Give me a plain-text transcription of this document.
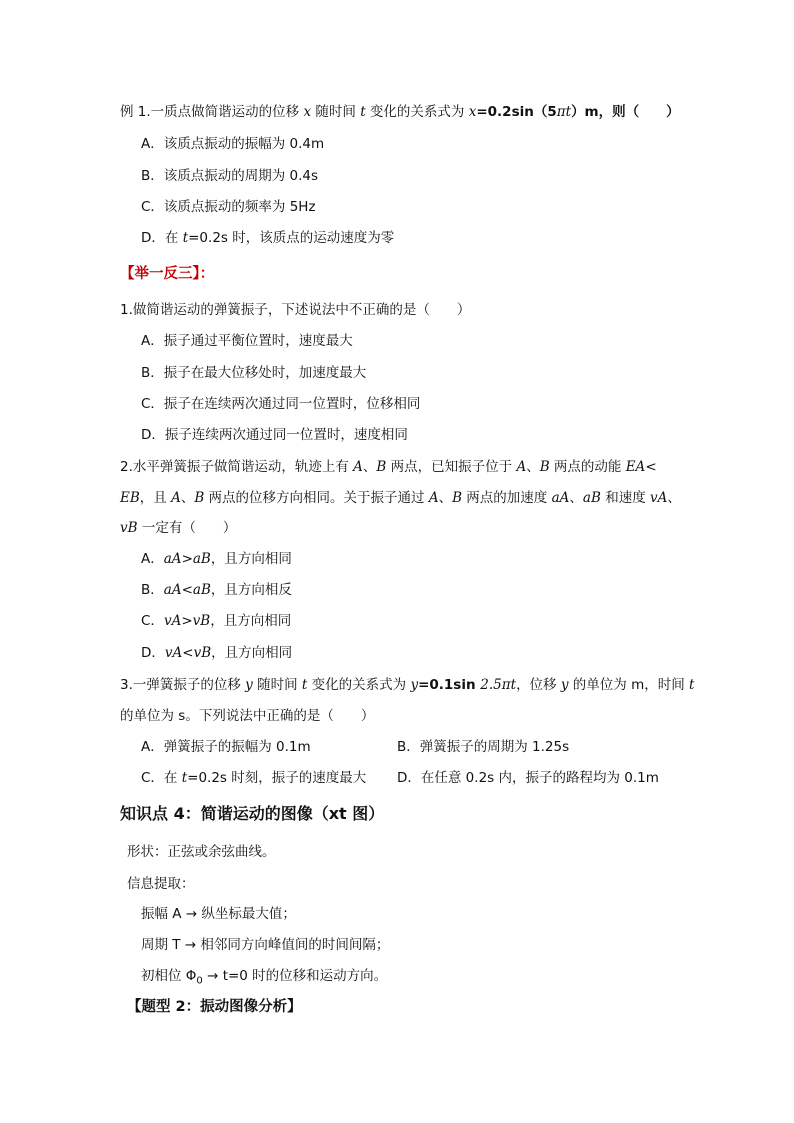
例 1.一质点做简谐运动的位移 x 随时间 t 变化的关系式为 x=0.2sin（5πt）m，则（　　）
A．该质点振动的振幅为 0.4m
B．该质点振动的周期为 0.4s
C．该质点振动的频率为 5Hz
D．在 t=0.2s 时，该质点的运动速度为零
【举一反三】：
1.做简谐运动的弹簧振子，下述说法中不正确的是（　　）
A．振子通过平衡位置时，速度最大
B．振子在最大位移处时，加速度最大
C．振子在连续两次通过同一位置时，位移相同
D．振子连续两次通过同一位置时，速度相同
2.水平弹簧振子做简谐运动，轨迹上有 A、B 两点，已知振子位于 A、B 两点的动能 EA<
EB，且 A、B 两点的位移方向相同。关于振子通过 A、B 两点的加速度 aA、aB 和速度 vA、
vB 一定有（　　）
A．aA>aB，且方向相同
B．aA<aB，且方向相反
C．vA>vB，且方向相同
D．vA<vB，且方向相同
3.一弹簧振子的位移 y 随时间 t 变化的关系式为 y=0.1sin 2.5πt，位移 y 的单位为 m，时间 t
的单位为 s。下列说法中正确的是（　　）
A．弹簧振子的振幅为 0.1m	B．弹簧振子的周期为 1.25s
C．在 t=0.2s 时刻，振子的速度最大 D．在任意 0.2s 内，振子的路程均为 0.1m
知识点 4：简谐运动的图像（xt 图）
形状：正弦或余弦曲线。
信息提取：
振幅 A → 纵坐标最大值；
周期 T → 相邻同方向峰值间的时间间隔；
初相位 $\Phi_0 \to t=0$ 时的位移和运动方向。
【题型 2：振动图像分析】
